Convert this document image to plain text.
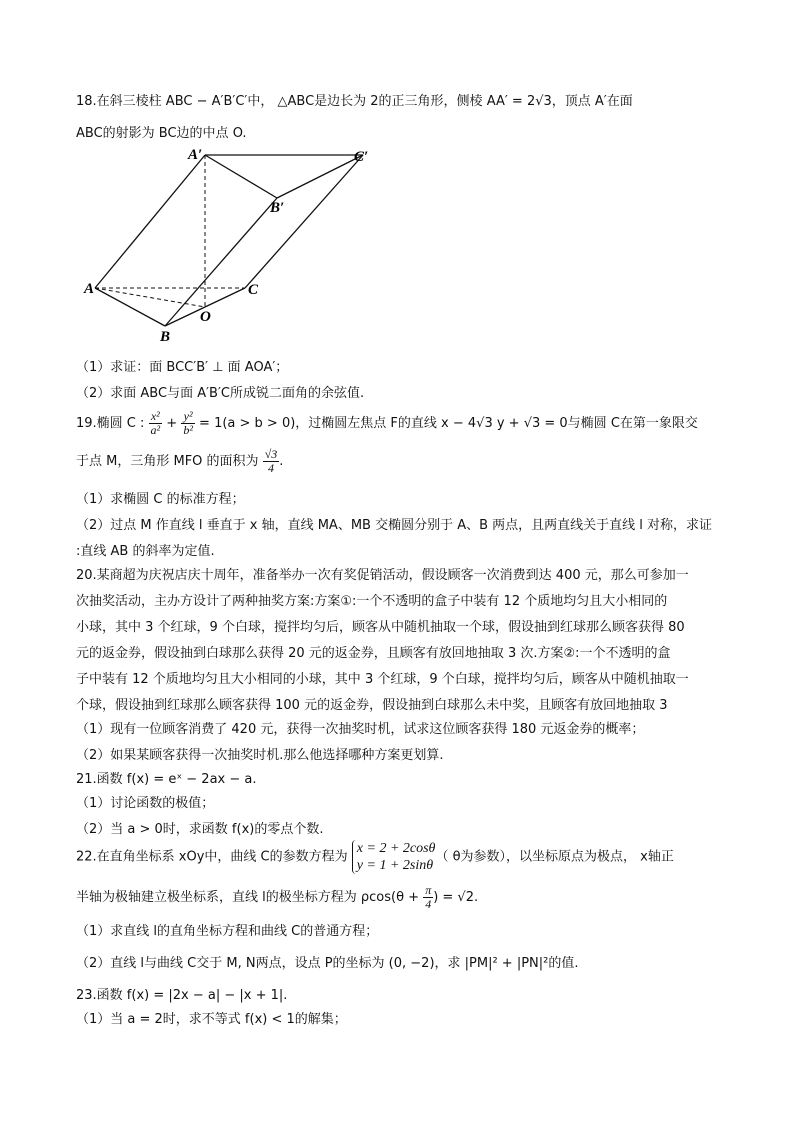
18.在斜三棱柱 ABC − A′B′C′中， △ABC是边长为 2的正三角形，侧棱 AA′ = 2√3，顶点 A′在面
ABC的射影为 BC边的中点 O.
（1）求证：面 BCC′B′ ⊥ 面 AOA′；
（2）求面 ABC与面 A′B′C所成锐二面角的余弦值.
19.椭圆 C : $\frac{\text{x²}}{\text{a²}} + \frac{\text{y²}}{\text{b²}} = 1(a > b > 0)$，过椭圆左焦点 F的直线 x − 4√3 y + √3 = 0与椭圆 C在第一象限交
于点 M，三角形 MFO 的面积为 $\frac{√3}{4}$ .
（1）求椭圆 C 的标准方程；
（2）过点 M 作直线 l 垂直于 x 轴，直线 MA、MB 交椭圆分别于 A、B 两点，且两直线关于直线 l 对称，求证
:直线 AB 的斜率为定值.
20.某商超为庆祝店庆十周年，准备举办一次有奖促销活动，假设顾客一次消费到达 400 元，那么可参加一
次抽奖活动，主办方设计了两种抽奖方案:方案①:一个不透明的盒子中装有 12 个质地均匀且大小相同的
小球，其中 3 个红球，9 个白球，搅拌均匀后，顾客从中随机抽取一个球，假设抽到红球那么顾客获得 80
元的返金券，假设抽到白球那么获得 20 元的返金券，且顾客有放回地抽取 3 次.方案②:一个不透明的盒
子中装有 12 个质地均匀且大小相同的小球，其中 3 个红球，9 个白球，搅拌均匀后，顾客从中随机抽取一
个球，假设抽到红球那么顾客获得 100 元的返金券，假设抽到白球那么未中奖，且顾客有放回地抽取 3
（1）现有一位顾客消费了 420 元，获得一次抽奖时机，试求这位顾客获得 180 元返金券的概率；
（2）如果某顾客获得一次抽奖时机.那么他选择哪种方案更划算.
21.函数 f(x) = eˣ − 2ax − a.
（1）讨论函数的极值；
（2）当 a > 0时，求函数 f(x)的零点个数.
22.在直角坐标系 xOy中，曲线 C的参数方程为
x = 2 + 2cosθ
y = 1 + 2sinθ
（ θ为参数），以坐标原点为极点， x轴正
半轴为极轴建立极坐标系，直线 l的极坐标方程为 $\rho\cos(\theta + \frac{\pi}{4}$ ) = √2.
（1）求直线 l的直角坐标方程和曲线 C的普通方程；
（2）直线 l与曲线 C交于 M, N两点，设点 P的坐标为 (0, −2)，求 |PM|² + |PN|²的值.
23.函数 f(x) = |2x − a| − |x + 1|.
（1）当 a = 2时，求不等式 f(x) < 1的解集；
A′	C′
B′
A	C
O
B
